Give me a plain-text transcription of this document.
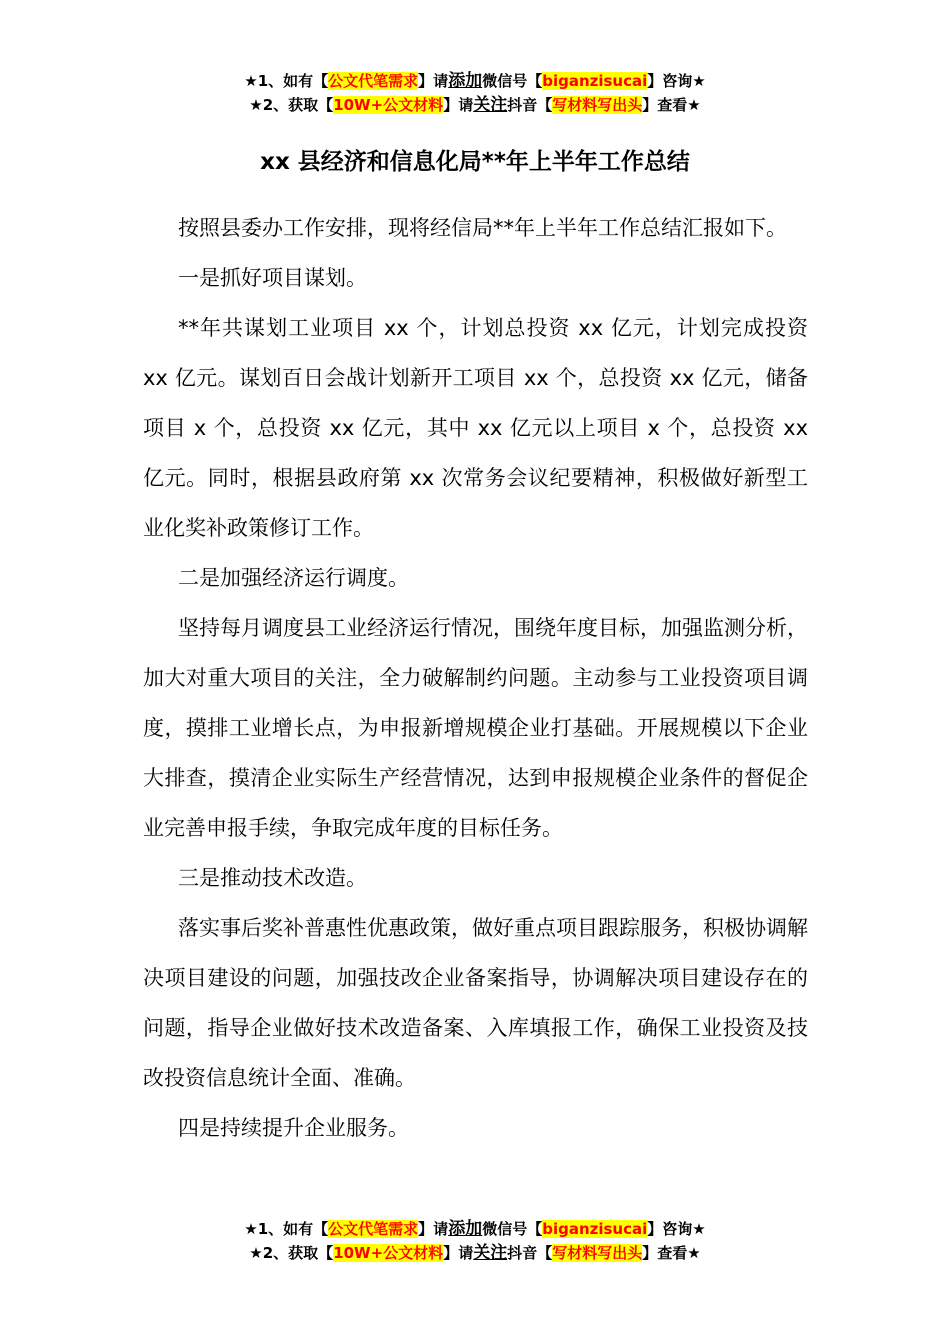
★1、如有【公文代笔需求】请添加微信号【biganzisucai】咨询★
★2、获取【10W+公文材料】请关注抖音【写材料写出头】查看★
xx 县经济和信息化局**年上半年工作总结

按照县委办工作安排，现将经信局**年上半年工作总结汇报如下。

一是抓好项目谋划。

**年共谋划工业项目 xx 个，计划总投资 xx 亿元，计划完成投资 xx 亿元。谋划百日会战计划新开工项目 xx 个，总投资 xx 亿元，储备项目 x 个，总投资 xx 亿元，其中 xx 亿元以上项目 x 个，总投资 xx 亿元。同时，根据县政府第 xx 次常务会议纪要精神，积极做好新型工业化奖补政策修订工作。

二是加强经济运行调度。

坚持每月调度县工业经济运行情况，围绕年度目标，加强监测分析，加大对重大项目的关注，全力破解制约问题。主动参与工业投资项目调度，摸排工业增长点，为申报新增规模企业打基础。开展规模以下企业大排查，摸清企业实际生产经营情况，达到申报规模企业条件的督促企业完善申报手续，争取完成年度的目标任务。

三是推动技术改造。

落实事后奖补普惠性优惠政策，做好重点项目跟踪服务，积极协调解决项目建设的问题，加强技改企业备案指导，协调解决项目建设存在的问题，指导企业做好技术改造备案、入库填报工作，确保工业投资及技改投资信息统计全面、准确。

四是持续提升企业服务。

★1、如有【公文代笔需求】请添加微信号【biganzisucai】咨询★
★2、获取【10W+公文材料】请关注抖音【写材料写出头】查看★
